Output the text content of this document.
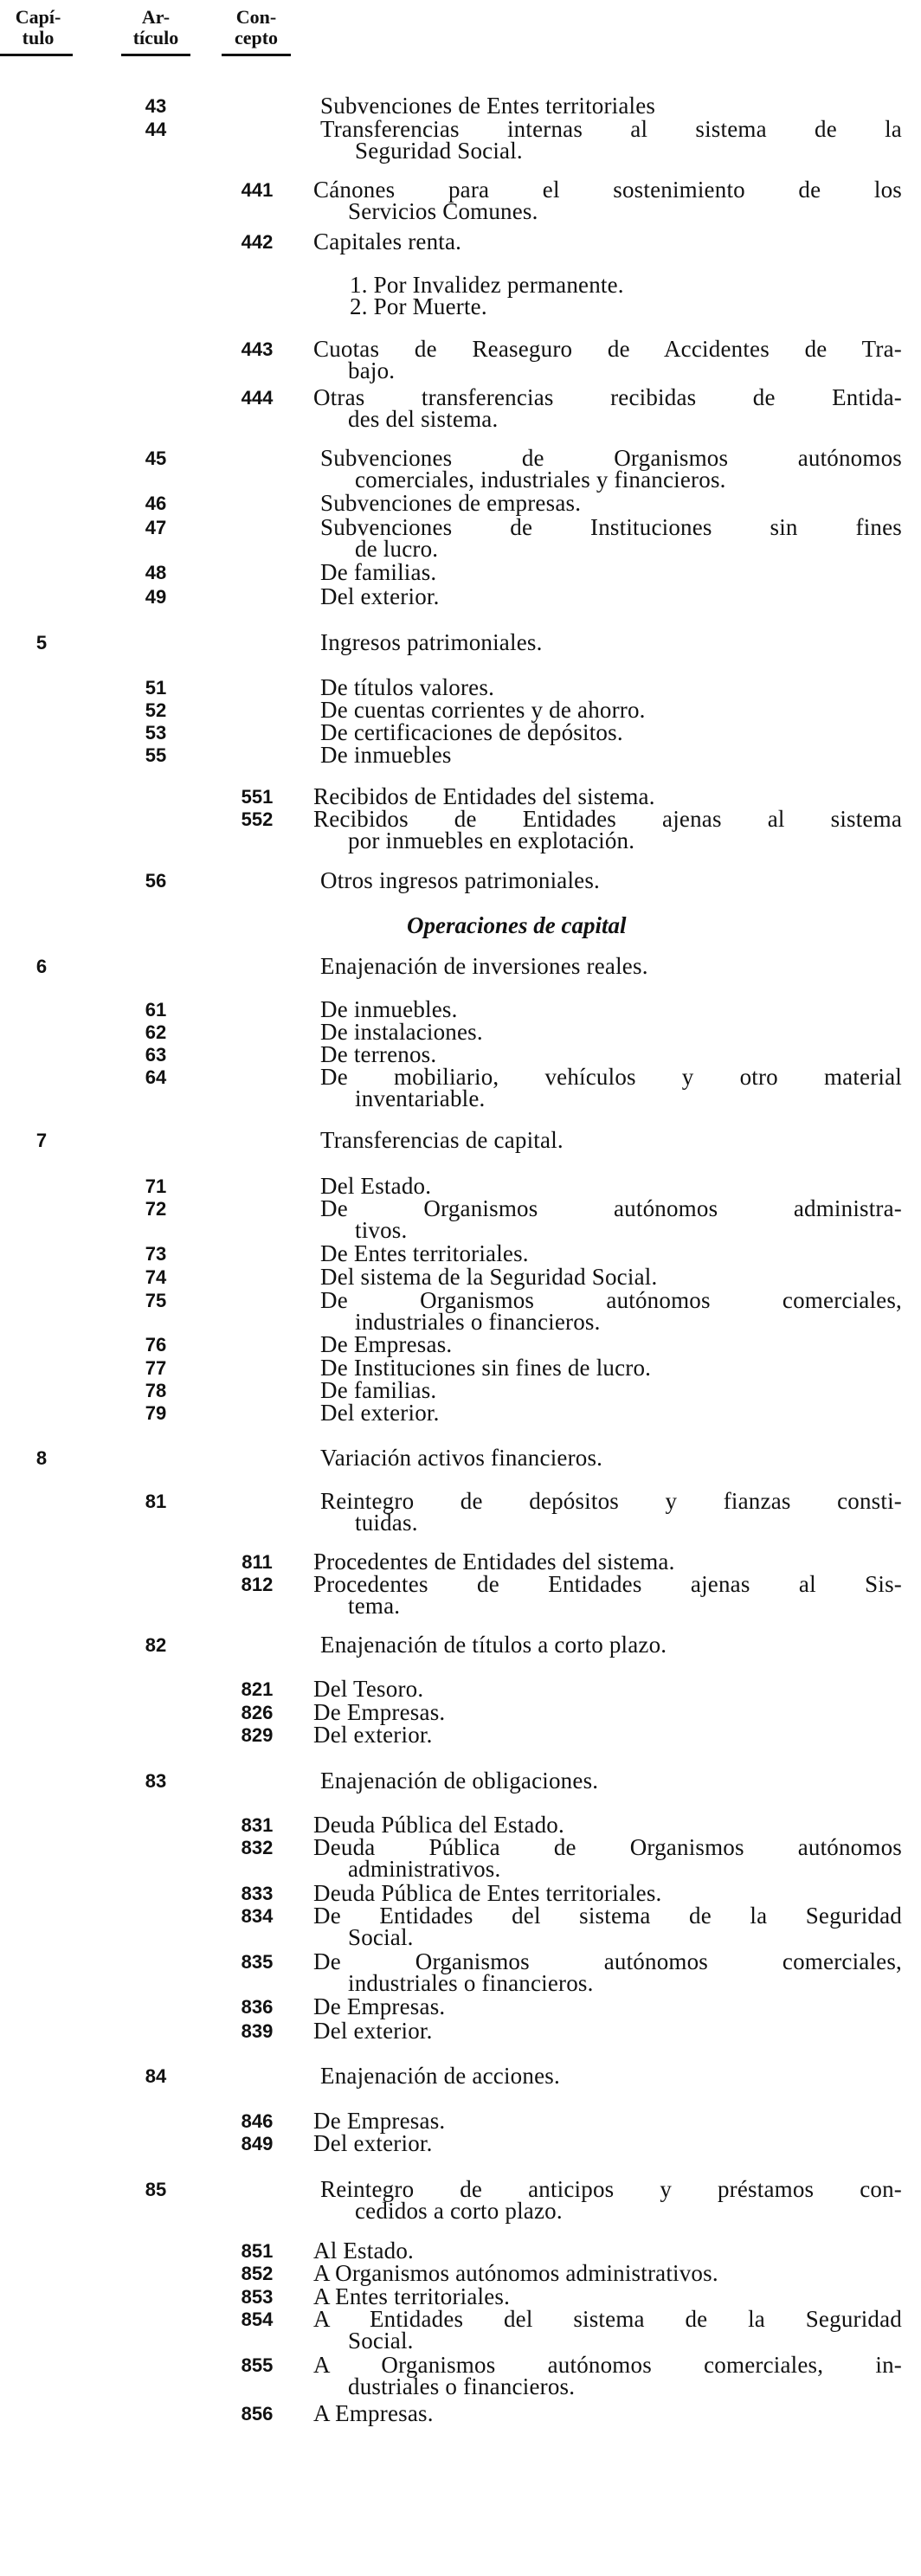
Capí-
tulo
Ar-
tículo
Con-
cepto
43	Subvenciones de Entes territoriales
44	Transferencias internas al sistema de la
Seguridad Social.
441	Cánones para el sostenimiento de los
Servicios Comunes.
442	Capitales renta.
1. Por Invalidez permanente.
2. Por Muerte.
443	Cuotas de Reaseguro de Accidentes de Tra-
bajo.
444	Otras transferencias recibidas de Entida-
des del sistema.
45	Subvenciones de Organismos autónomos
comerciales, industriales y financieros.
46	Subvenciones de empresas.
47	Subvenciones de Instituciones sin fines
de lucro.
48	De familias.
49	Del exterior.
5	Ingresos patrimoniales.
51	De títulos valores.
52	De cuentas corrientes y de ahorro.
53	De certificaciones de depósitos.
55	De inmuebles
551	Recibidos de Entidades del sistema.
552	Recibidos de Entidades ajenas al sistema
por inmuebles en explotación.
56	Otros ingresos patrimoniales.
Operaciones de capital
6	Enajenación de inversiones reales.
61	De inmuebles.
62	De instalaciones.
63	De terrenos.
64	De mobiliario, vehículos y otro material
inventariable.
7	Transferencias de capital.
71	Del Estado.
72	De Organismos autónomos administra-
tivos.
73	De Entes territoriales.
74	Del sistema de la Seguridad Social.
75	De Organismos autónomos comerciales,
industriales o financieros.
76	De Empresas.
77	De Instituciones sin fines de lucro.
78	De familias.
79	Del exterior.
8	Variación activos financieros.
81	Reintegro de depósitos y fianzas consti-
tuidas.
811	Procedentes de Entidades del sistema.
812	Procedentes de Entidades ajenas al Sis-
tema.
82	Enajenación de títulos a corto plazo.
821	Del Tesoro.
826	De Empresas.
829	Del exterior.
83	Enajenación de obligaciones.
831	Deuda Pública del Estado.
832	Deuda Pública de Organismos autónomos
administrativos.
833	Deuda Pública de Entes territoriales.
834	De Entidades del sistema de la Seguridad
Social.
835	De Organismos autónomos comerciales,
industriales o financieros.
836	De Empresas.
839	Del exterior.
84	Enajenación de acciones.
846	De Empresas.
849	Del exterior.
85	Reintegro de anticipos y préstamos con-
cedidos a corto plazo.
851	Al Estado.
852	A Organismos autónomos administrativos.
853	A Entes territoriales.
854	A Entidades del sistema de la Seguridad
Social.
855	A Organismos autónomos comerciales, in-
dustriales o financieros.
856	A Empresas.
